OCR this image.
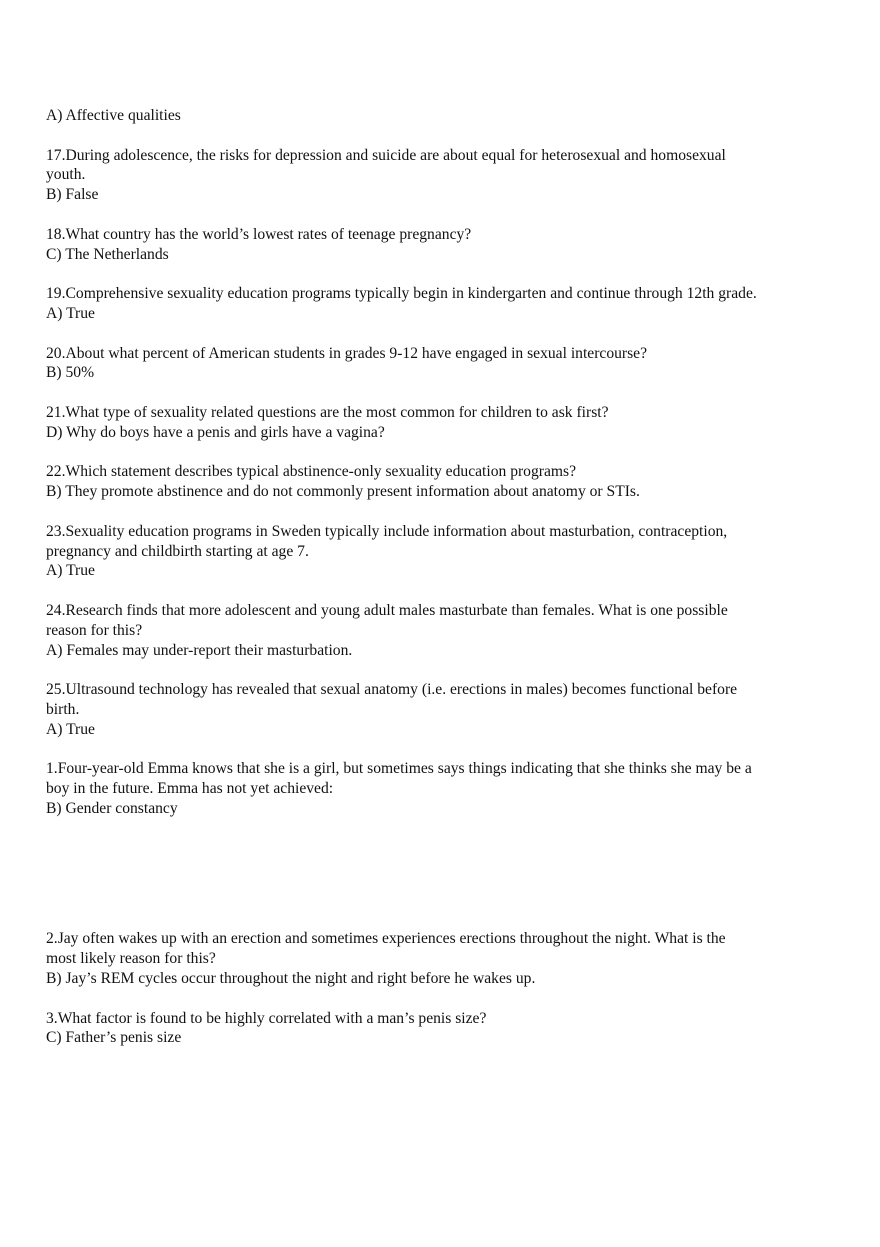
A) Affective qualities
17.During adolescence, the risks for depression and suicide are about equal for heterosexual and homosexual
youth.
B) False
18.What country has the world’s lowest rates of teenage pregnancy?
C) The Netherlands
19.Comprehensive sexuality education programs typically begin in kindergarten and continue through 12th grade.
A) True
20.About what percent of American students in grades 9-12 have engaged in sexual intercourse?
B) 50%
21.What type of sexuality related questions are the most common for children to ask first?
D) Why do boys have a penis and girls have a vagina?
22.Which statement describes typical abstinence-only sexuality education programs?
B) They promote abstinence and do not commonly present information about anatomy or STIs.
23.Sexuality education programs in Sweden typically include information about masturbation, contraception,
pregnancy and childbirth starting at age 7.
A) True
24.Research finds that more adolescent and young adult males masturbate than females. What is one possible
reason for this?
A) Females may under-report their masturbation.
25.Ultrasound technology has revealed that sexual anatomy (i.e. erections in males) becomes functional before
birth.
A) True
1.Four-year-old Emma knows that she is a girl, but sometimes says things indicating that she thinks she may be a
boy in the future. Emma has not yet achieved:
B) Gender constancy
2.Jay often wakes up with an erection and sometimes experiences erections throughout the night. What is the
most likely reason for this?
B) Jay’s REM cycles occur throughout the night and right before he wakes up.
3.What factor is found to be highly correlated with a man’s penis size?
C) Father’s penis size
